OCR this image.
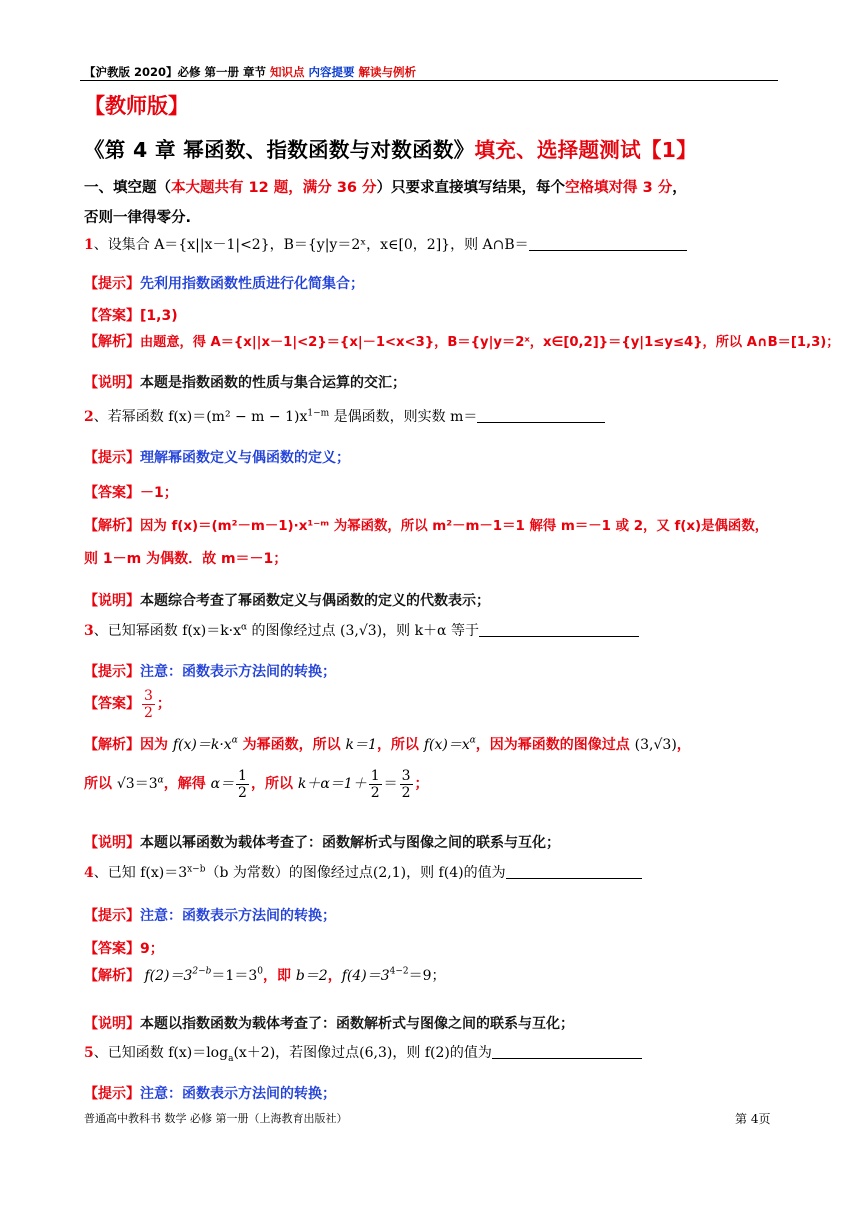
【沪教版 2020】必修 第一册 章节 知识点 内容提要 解读与例析
【教师版】
《第 4 章 幂函数、指数函数与对数函数》填充、选择题测试【1】
一、填空题（本大题共有 12 题，满分 36 分）只要求直接填写结果，每个空格填对得 3 分，
否则一律得零分.
1、设集合 A＝{x||x－1|<2}，B＝{y|y＝2ˣ，x∈[0，2]}，则 A∩B＝
【提示】先利用指数函数性质进行化简集合；
【答案】[1,3)
【解析】由题意，得 A＝{x||x－1|<2}＝{x|－1<x<3}，B＝{y|y＝2ˣ，x∈[0,2]}＝{y|1≤y≤4}，所以 A∩B＝[1,3)；
【说明】本题是指数函数的性质与集合运算的交汇；
2、若幂函数 $f(x)=(m^2 - m - 1)x^{1-m}$ 是偶函数，则实数 m＝
【提示】理解幂函数定义与偶函数的定义；
【答案】－1；
【解析】因为 f(x)＝(m²－m－1)·x¹⁻ᵐ 为幂函数，所以 m²－m－1＝1 解得 m＝－1 或 2，又 f(x)是偶函数，
则 1－m 为偶数．故 m＝－1；
【说明】本题综合考查了幂函数定义与偶函数的定义的代数表示；
3、已知幂函数 $f(x)=k\cdot x^\alpha$ 的图像经过点 (3,√3)，则 k＋α 等于
【提示】注意：函数表示方法间的转换；
【答案】 $\frac{3}{2}$ ；
【解析】因为 $f(x)=k\cdot x^\alpha$ 为幂函数，所以 k＝1，所以 $f(x)=x^\alpha$，因为幂函数的图像过点 (3,√3)，
所以 $√3=3^\alpha$，解得 $\alpha= \frac{1}{2}$ ，所以 $k+\alpha=1+ \frac{1}{2} = \frac{3}{2}$ ；
【说明】本题以幂函数为载体考查了：函数解析式与图像之间的联系与互化；
4、已知 $f(x)=3^{x-b}(b$ 为常数）的图像经过点(2,1)，则 f(4)的值为
【提示】注意：函数表示方法间的转换；
【答案】9；
【解析】 $f(2)=3^{2-b}=1=3^0$，即 b＝2，$f(4)=3^{4-2}=9$；
【说明】本题以指数函数为载体考查了：函数解析式与图像之间的联系与互化；
5、已知函数 $f(x)=\log_a(x+2)$，若图像过点(6,3)，则 f(2)的值为
【提示】注意：函数表示方法间的转换；
普通高中教科书 数学 必修 第一册（上海教育出版社）	第 4页
